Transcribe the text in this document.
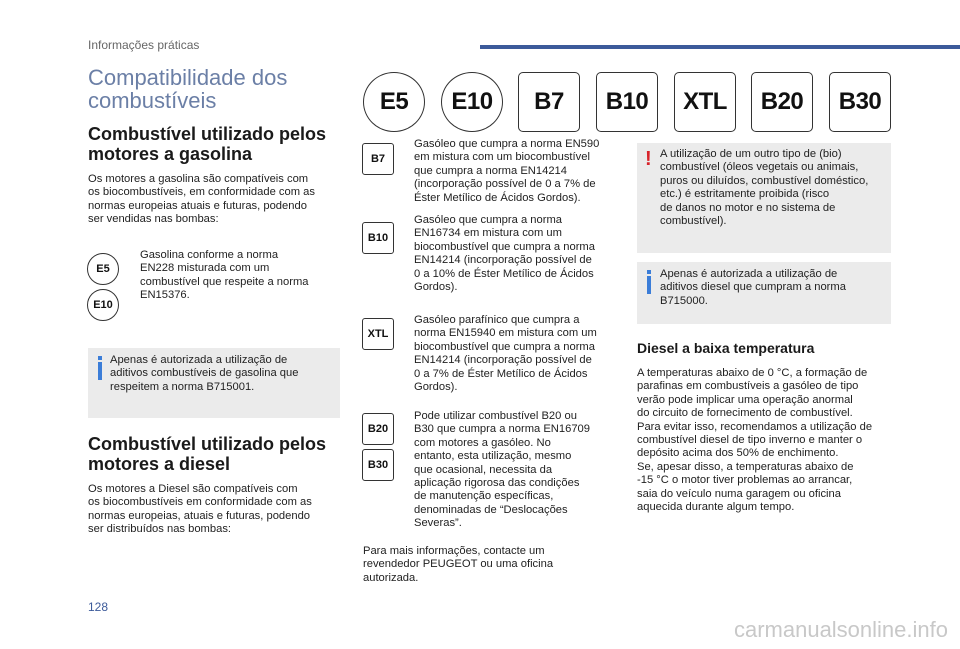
Informações práticas
Compatibilidade dos
combustíveis	E5	E10	B7	B10	XTL	B20	B30
Combustível utilizado pelos
motores a gasolina
Os motores a gasolina são compatíveis com
os biocombustíveis, em conformidade com as
normas europeias atuais e futuras, podendo
ser vendidas nas bombas:
E5
E10
Gasolina conforme a norma
EN228 misturada com um
combustível que respeite a norma
EN15376.
Apenas é autorizada a utilização de
aditivos combustíveis de gasolina que
respeitem a norma B715001.
Combustível utilizado pelos
motores a diesel
Os motores a Diesel são compatíveis com
os biocombustíveis em conformidade com as
normas europeias, atuais e futuras, podendo
ser distribuídos nas bombas:
B7
Gasóleo que cumpra a norma EN590
em mistura com um biocombustível
que cumpra a norma EN14214
(incorporação possível de 0 a 7% de
Éster Metílico de Ácidos Gordos).
B10
Gasóleo que cumpra a norma
EN16734 em mistura com um
biocombustível que cumpra a norma
EN14214 (incorporação possível de
0 a 10% de Éster Metílico de Ácidos
Gordos).
XTL
Gasóleo parafínico que cumpra a
norma EN15940 em mistura com um
biocombustível que cumpra a norma
EN14214 (incorporação possível de
0 a 7% de Éster Metílico de Ácidos
Gordos).
B20
B30
Pode utilizar combustível B20 ou
B30 que cumpra a norma EN16709
com motores a gasóleo. No
entanto, esta utilização, mesmo
que ocasional, necessita da
aplicação rigorosa das condições
de manutenção específicas,
denominadas de “Deslocações
Severas”.
Para mais informações, contacte um
revendedor PEUGEOT ou uma oficina
autorizada.
! A utilização de um outro tipo de (bio)
combustível (óleos vegetais ou animais,
puros ou diluídos, combustível doméstico,
etc.) é estritamente proibida (risco
de danos no motor e no sistema de
combustível).
Apenas é autorizada a utilização de
aditivos diesel que cumpram a norma
B715000.
Diesel a baixa temperatura
A temperaturas abaixo de 0 °C, a formação de
parafinas em combustíveis a gasóleo de tipo
verão pode implicar uma operação anormal
do circuito de fornecimento de combustível.
Para evitar isso, recomendamos a utilização de
combustível diesel de tipo inverno e manter o
depósito acima dos 50% de enchimento.
Se, apesar disso, a temperaturas abaixo de
-15 °C o motor tiver problemas ao arrancar,
saia do veículo numa garagem ou oficina
aquecida durante algum tempo.
128
carmanualsonline.info
